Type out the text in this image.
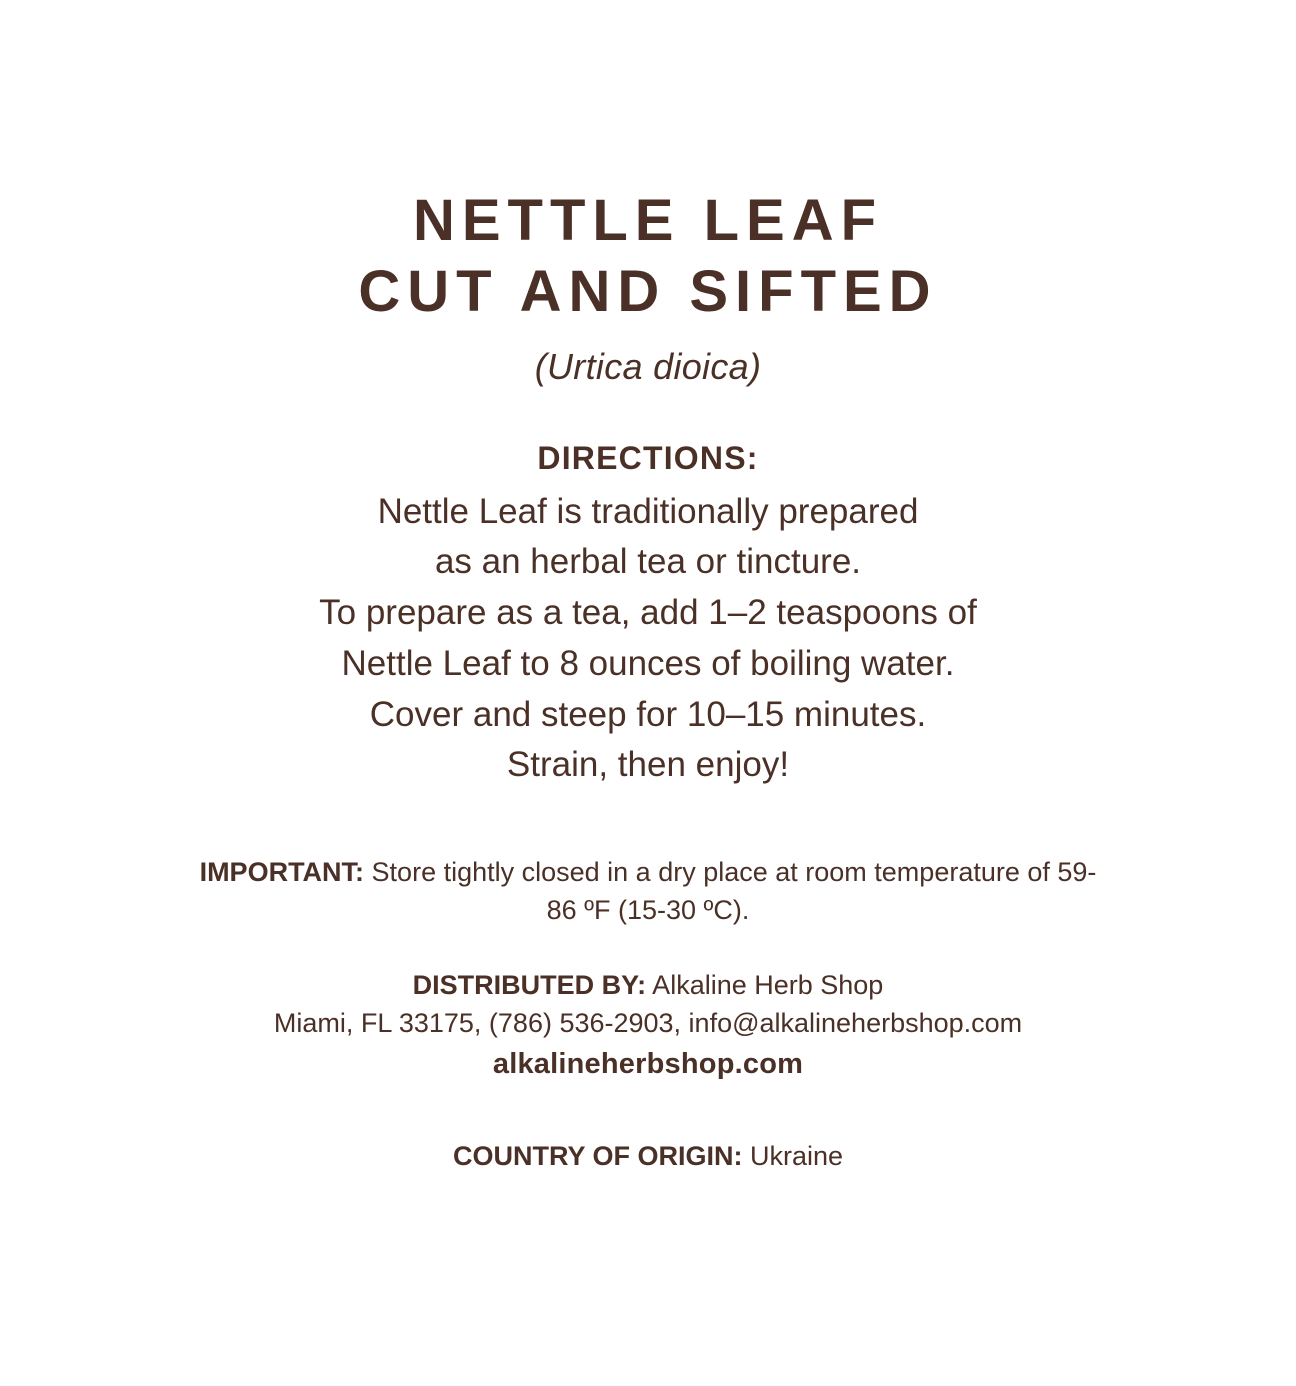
NETTLE LEAF
CUT AND SIFTED
(Urtica dioica)
DIRECTIONS:

Nettle Leaf is traditionally prepared

as an herbal tea or tincture.

To prepare as a tea, add 1–2 teaspoons of

Nettle Leaf to 8 ounces of boiling water.

Cover and steep for 10–15 minutes.

Strain, then enjoy!

IMPORTANT: Store tightly closed in a dry place at room temperature of 59-86 ºF (15-30 ºC).

DISTRIBUTED BY: Alkaline Herb Shop
Miami, FL 33175, (786) 536-2903, info@alkalineherbshop.com
alkalineherbshop.com

COUNTRY OF ORIGIN: Ukraine
